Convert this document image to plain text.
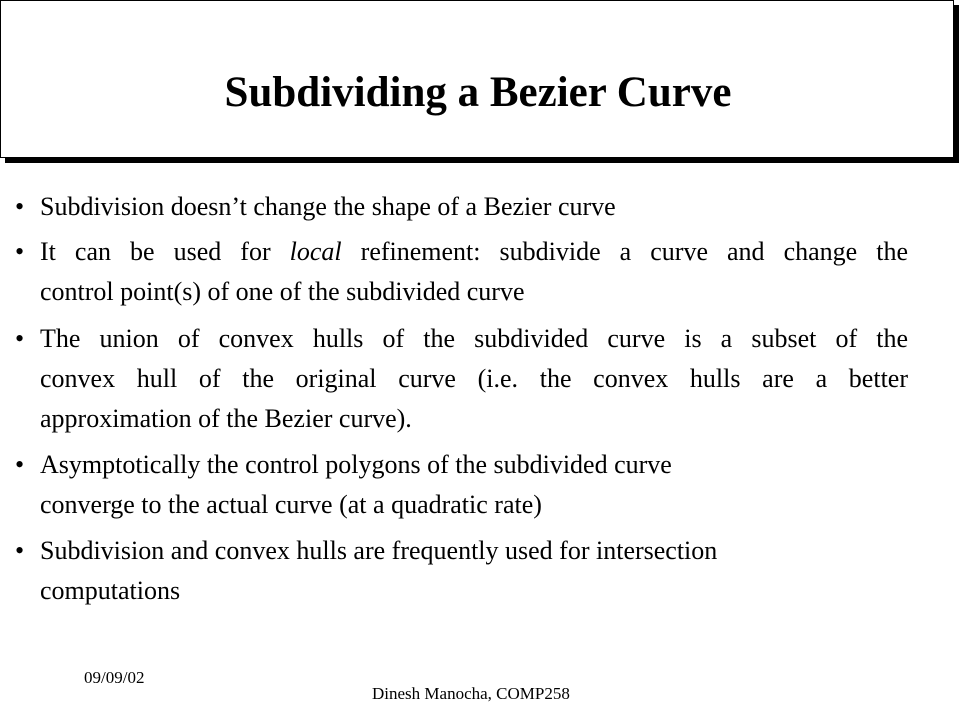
Subdividing a Bezier Curve
• Subdivision doesn’t change the shape of a Bezier curve
• It can be used for local refinement: subdivide a curve and change the
control point(s) of one of the subdivided curve
• The union of convex hulls of the subdivided curve is a subset of the
convex hull of the original curve (i.e. the convex hulls are a better
approximation of the Bezier curve).
• Asymptotically the control polygons of the subdivided curve
converge to the actual curve (at a quadratic rate)
• Subdivision and convex hulls are frequently used for intersection
computations
09/09/02
Dinesh Manocha, COMP258
